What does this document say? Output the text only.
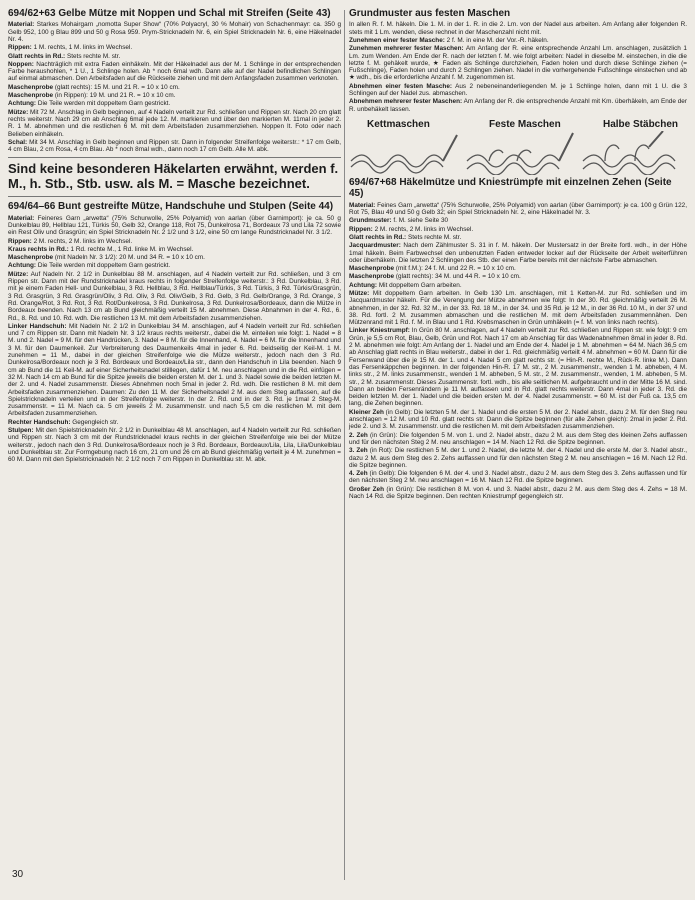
694/62+63 Gelbe Mütze mit Noppen und Schal mit Streifen (Seite 43)

Material: Starkes Mohairgarn „nomotta Super Show“ (70% Polyacryl, 30 % Mohair) von Schachenmayr: ca. 350 g Gelb 952, 100 g Blau 899 und 50 g Rosa 959. Prym-Stricknadeln Nr. 6, ein Spiel Stricknadeln Nr. 6, eine Häkelnadel Nr. 4.

Rippen: 1 M. rechts, 1 M. links im Wechsel.

Glatt rechts in Rd.: Stets rechte M. str.

Noppen: Nachträglich mit extra Faden einhäkeln. Mit der Häkelnadel aus der M. 1 Schlinge in der entsprechenden Farbe heraushohlen, * 1 U., 1 Schlinge holen. Ab * noch 6mal wdh. Dann alle auf der Nadel befindlichen Schlingen auf einmal abmaschen. Den Arbeitsfaden auf die Rückseite ziehen und mit dem Anfangsfaden zusammen verknoten.

Maschenprobe (glatt rechts): 15 M. und 21 R. = 10 x 10 cm.

Maschenprobe (in Rippen): 19 M. und 21 R. = 10 x 10 cm.

Achtung: Die Teile werden mit doppeltem Garn gestrickt.

Mütze: Mit 72 M. Anschlag in Gelb beginnen, auf 4 Nadeln verteilt zur Rd. schließen und Rippen str. Nach 20 cm glatt rechts weiterstr. Nach 29 cm ab Anschlag 6mal jede 12. M. markieren und über den markierten M. 11mal in jeder 2. R. 1 M. abnehmen und die restlichen 6 M. mit dem Arbeitsfaden zusammenziehen. Noppen lt. Foto oder nach Belieben einhäkeln.

Schal: Mit 34 M. Anschlag in Gelb beginnen und Rippen str. Dann in folgender Streifenfolge weiterstr.: * 17 cm Gelb, 4 cm Blau, 2 cm Rosa, 4 cm Blau. Ab * noch 8mal wdh., dann noch 17 cm Gelb. Alle M. abk.

Sind keine besonderen Häkelarten erwähnt, werden f. M., h. Stb., Stb. usw. als M. = Masche bezeichnet.
694/64–66 Bunt gestreifte Mütze, Handschuhe und Stulpen (Seite 44)

Material: Feineres Garn „arwetta“ (75% Schurwolle, 25% Polyamid) von aarlan (über Garnimport): je ca. 50 g Dunkelblau 89, Hellblau 121, Türkis 50, Gelb 32, Orange 118, Rot 75, Dunkelrosa 71, Bordeaux 73 und Lila 72 sowie ein Rest Oliv und Grasgrün; ein Spiel Stricknadeln Nr. 2 1/2 und 3 1/2, eine 50 cm lange Rundstricknadel Nr. 3 1/2.

Rippen: 2 M. rechts, 2 M. links im Wechsel.

Kraus rechts in Rd.: 1 Rd. rechte M., 1 Rd. linke M. im Wechsel.

Maschenprobe (mit Nadeln Nr. 3 1/2): 20 M. und 34 R. = 10 x 10 cm.

Achtung: Die Teile werden mit doppeltem Garn gestrickt.

Mütze: Auf Nadeln Nr. 2 1/2 in Dunkelblau 88 M. anschlagen, auf 4 Nadeln verteilt zur Rd. schließen, und 3 cm Rippen str. Dann mit der Rundstricknadel kraus rechts in folgender Streifenfolge weiterstr.: 3 Rd. Dunkelblau, 3 Rd. mit je einem Faden Hell- und Dunkelblau, 3 Rd. Hellblau, 3 Rd. Hellblau/Türkis, 3 Rd. Türkis, 3 Rd. Türkis/Grasgrün, 3 Rd. Grasgrün, 3 Rd. Grasgrün/Oliv, 3 Rd. Oliv, 3 Rd. Oliv/Gelb, 3 Rd. Gelb, 3 Rd. Gelb/Orange, 3 Rd. Orange, 3 Rd. Orange/Rot, 3 Rd. Rot, 3 Rd. Rot/Dunkelrosa, 3 Rd. Dunkelrosa, 3 Rd. Dunkelrosa/Bordeaux, dann die Mütze in Bordeaux beenden. Nach 13 cm ab Bund gleichmäßig verteilt 15 M. abnehmen. Diese Abnahmen in der 4. Rd., 6. Rd., 8. Rd. und 10. Rd. wdh. Die restlichen 13 M. mit dem Arbeitsfaden zusammenziehen.

Linker Handschuh: Mit Nadeln Nr. 2 1/2 in Dunkelblau 34 M. anschlagen, auf 4 Nadeln verteilt zur Rd. schließen und 7 cm Rippen str. Dann mit Nadeln Nr. 3 1/2 kraus rechts weiterstr., dabei die M. einteilen wie folgt: 1. Nadel = 8 M. und 2. Nadel = 9 M. für den Handrücken, 3. Nadel = 8 M. für die Innenhand, 4. Nadel = 6 M. für die Innenhand und 3 M. für den Daumenkeil. Zur Verbreiterung des Daumenkeils 4mal in jeder 6. Rd. beidseitig der Keil-M. 1 M. zunehmen = 11 M., dabei in der gleichen Streifenfolge wie die Mütze weiterstr., jedoch nach den 3 Rd. Dunkelrosa/Bordeaux noch je 3 Rd. Bordeaux und Bordeaux/Lila str., dann den Handschuh in Lila beenden. Nach 9 cm ab Bund die 11 Keil-M. auf einer Sicherheitsnadel stilllegen, dafür 1 M. neu anschlagen und in die Rd. einfügen = 32 M. Nach 14 cm ab Bund für die Spitze jeweils die beiden ersten M. der 1. und 3. Nadel sowie die beiden letzten M. der 2. und 4. Nadel zusammenstr. Dieses Abnehmen noch 5mal in jeder 2. Rd. wdh. Die restlichen 8 M. mit dem Arbeitsfaden zusammenziehen. Daumen: Zu den 11 M. der Sicherheitsnadel 2 M. aus dem Steg auffassen, auf die Spielstricknadeln verteilen und in der Streifenfolge weiterstr. In der 2. Rd. und in der 3. Rd. je 1mal 2 Steg-M. zusammenstr. = 11 M. Nach ca. 5 cm jeweils 2 M. zusammenstr. und nach 5,5 cm die restlichen M. mit dem Arbeitsfaden zusammenziehen.

Rechter Handschuh: Gegengleich str.

Stulpen: Mit den Spielstricknadeln Nr. 2 1/2 in Dunkelblau 48 M. anschlagen, auf 4 Nadeln verteilt zur Rd. schließen und Rippen str. Nach 3 cm mit der Rundstricknadel kraus rechts in der gleichen Streifenfolge wie bei der Mütze weiterstr., jedoch nach den 3 Rd. Dunkelrosa/Bordeaux noch je 3 Rd. Bordeaux, Bordeaux/Lila, Lila, Lila/Dunkelblau und Dunkelblau str. Zur Formgebung nach 16 cm, 21 cm und 26 cm ab Bund gleichmäßig verteilt je 4 M. zunehmen = 60 M. Dann mit den Spielstricknadeln Nr. 2 1/2 noch 7 cm Rippen in Dunkelblau str. M. abk.

Grundmuster aus festen Maschen

In allen R. f. M. häkeln. Die 1. M. in der 1. R. in die 2. Lm. von der Nadel aus arbeiten. Am Anfang aller folgenden R. stets mit 1 Lm. wenden, diese rechnet in der Maschenzahl nicht mit.

Zunehmen einer fester Masche: 2 f. M. in eine M. der Vor.-R. häkeln.

Zunehmen mehrerer fester Maschen: Am Anfang der R. eine entsprechende Anzahl Lm. anschlagen, zusätzlich 1 Lm. zum Wenden. Am Ende der R. nach der letzten f. M. wie folgt arbeiten: Nadel in dieselbe M. einstechen, in die die letzte f. M. gehäkelt wurde, ★ Faden als Schlinge durchziehen, Faden holen und durch diese Schlinge ziehen (= Fußschlinge), Faden holen und durch 2 Schlingen ziehen. Nadel in die vorhergehende Fußschlinge einstechen und ab ★ wdh., bis die erforderliche Anzahl f. M. zugenommen ist.

Abnehmen einer festen Masche: Aus 2 nebeneinanderliegenden M. je 1 Schlinge holen, dann mit 1 U. die 3 Schlingen auf der Nadel zus. abmaschen.

Abnehmen mehrerer fester Maschen: Am Anfang der R. die entsprechende Anzahl mit Km. überhäkeln, am Ende der R. unbehäkelt lassen.

Kettmaschen	Feste Maschen	Halbe Stäbchen
694/67+68 Häkelmütze und Kniestrümpfe mit einzelnen Zehen (Seite 45)

Material: Feines Garn „arwetta“ (75% Schurwolle, 25% Polyamid) von aarlan (über Garnimport): je ca. 100 g Grün 122, Rot 75, Blau 49 und 50 g Gelb 32; ein Spiel Stricknadeln Nr. 2, eine Häkelnadel Nr. 3.

Grundmuster: f. M. siehe Seite 30

Rippen: 2 M. rechts, 2 M. links im Wechsel.

Glatt rechts in Rd.: Stets rechte M. str.

Jacquardmuster: Nach dem Zählmuster S. 31 in f. M. häkeln. Der Mustersatz in der Breite fortl. wdh., in der Höhe 1mal häkeln. Beim Farbwechsel den unbenutzten Faden entweder locker auf der Rückseite der Arbeit weiterführen oder überhäkeln. Die letzten 2 Schlingen des Stb. der einen Farbe bereits mit der nächste Farbe abmaschen.

Maschenprobe (mit f.M.): 24 f. M. und 22 R. = 10 x 10 cm.

Maschenprobe (glatt rechts): 34 M. und 44 R. = 10 x 10 cm.

Achtung: Mit doppeltem Garn arbeiten.

Mütze: Mit doppeltem Garn arbeiten. In Gelb 130 Lm. anschlagen, mit 1 Ketten-M. zur Rd. schließen und im Jacquardmuster häkeln. Für die Verengung der Mütze abnehmen wie folgt: In der 30. Rd. gleichmäßig verteilt 26 M. abnehmen, in der 32. Rd. 32 M., in der 33. Rd. 18 M., in der 34. und 35 Rd. je 12 M., in der 36 Rd. 10 M., in der 37 und 38. Rd. fortl. 2 M. zusammen abmaschen und die restlichen M. mit dem Arbeitsfaden zusammennähen. Den Mützenrand mit 1 Rd. f. M. in Blau und 1 Rd. Krebsmaschen in Grün umhäkeln (= f. M. von links nach rechts).

Linker Kniestrumpf: In Grün 80 M. anschlagen, auf 4 Nadeln verteilt zur Rd. schließen und Rippen str. wie folgt: 9 cm Grün, je 5,5 cm Rot, Blau, Gelb, Grün und Rot. Nach 17 cm ab Anschlag für das Wadenabnehmen 8mal in jeder 8. Rd. 2 M. abnehmen wie folgt: Am Anfang der 1. Nadel und am Ende der 4. Nadel je 1 M. abnehmen = 64 M. Nach 36,5 cm ab Anschlag glatt rechts in Blau weiterstr., dabei in der 1. Rd. gleichmäßig verteilt 4 M. abnehmen = 60 M. Dann für die Fersenwand über die je 15 M. der 1. und 4. Nadel 5 cm glatt rechts str. (= Hin-R. rechte M., Rück-R. linke M.). Dann das Fersenkäppchen beginnen. In der folgenden Hin-R. 17 M. str., 2 M. zusammenstr., wenden 1 M. abheben, 4 M. links str., 2 M. links zusammenstr., wenden 1 M. abheben, 5 M. str., 2 M. zusammenstr., wenden, 1 M. abheben, 5 M. str., 2 M. zusammenstr. Dieses Zusammenstr. fortl. wdh., bis alle seitlichen M. aufgebraucht und in der Mitte 16 M. sind. Dann an beiden Fersenrändern je 11 M. auffassen und in Rd. glatt rechts weiterstr. Dann 4mal in jeder 3. Rd. die beiden letzten M. der 1. Nadel und die beiden ersten M. der 4. Nadel zusammenstr. = 60 M. ist der Fuß ca. 13,5 cm lang, die Zehen beginnen.

Kleiner Zeh (in Gelb): Die letzten 5 M. der 1. Nadel und die ersten 5 M. der 2. Nadel abstr., dazu 2 M. für den Steg neu anschlagen = 12 M. und 10 Rd. glatt rechts str. Dann die Spitze beginnen (für alle Zehen gleich): 2mal in jeder 2. Rd. jede 2. und 3. M. zusammenstr. und die restlichen M. mit dem Arbeitsfaden zusammenziehen.

2. Zeh (in Grün): Die folgenden 5 M. von 1. und 2. Nadel abstr., dazu 2 M. aus dem Steg des kleinen Zehs auffassen und für den nächsten Steg 2 M. neu anschlagen = 14 M. Nach 12 Rd. die Spitze beginnen.

3. Zeh (in Rot): Die restlichen 5 M. der 1. und 2. Nadel, die letzte M. der 4. Nadel und die erste M. der 3. Nadel abstr., dazu 2 M. aus dem Steg des 2. Zehs auffassen und für den nächsten Steg 2 M. neu anschlagen = 16 M. Nach 12 Rd. die Spitze beginnen.

4. Zeh (in Gelb): Die folgenden 6 M. der 4. und 3. Nadel abstr., dazu 2 M. aus dem Steg des 3. Zehs auffassen und für den nächsten Steg 2 M. neu anschlagen = 16 M. Nach 12 Rd. die Spitze beginnen.

Großer Zeh (in Grün): Die restlichen 8 M. von 4. und 3. Nadel abstr., dazu 2 M. aus dem Steg des 4. Zehs = 18 M. Nach 14 Rd. die Spitze beginnen. Den rechten Kniestrumpf gegengleich str.

30
